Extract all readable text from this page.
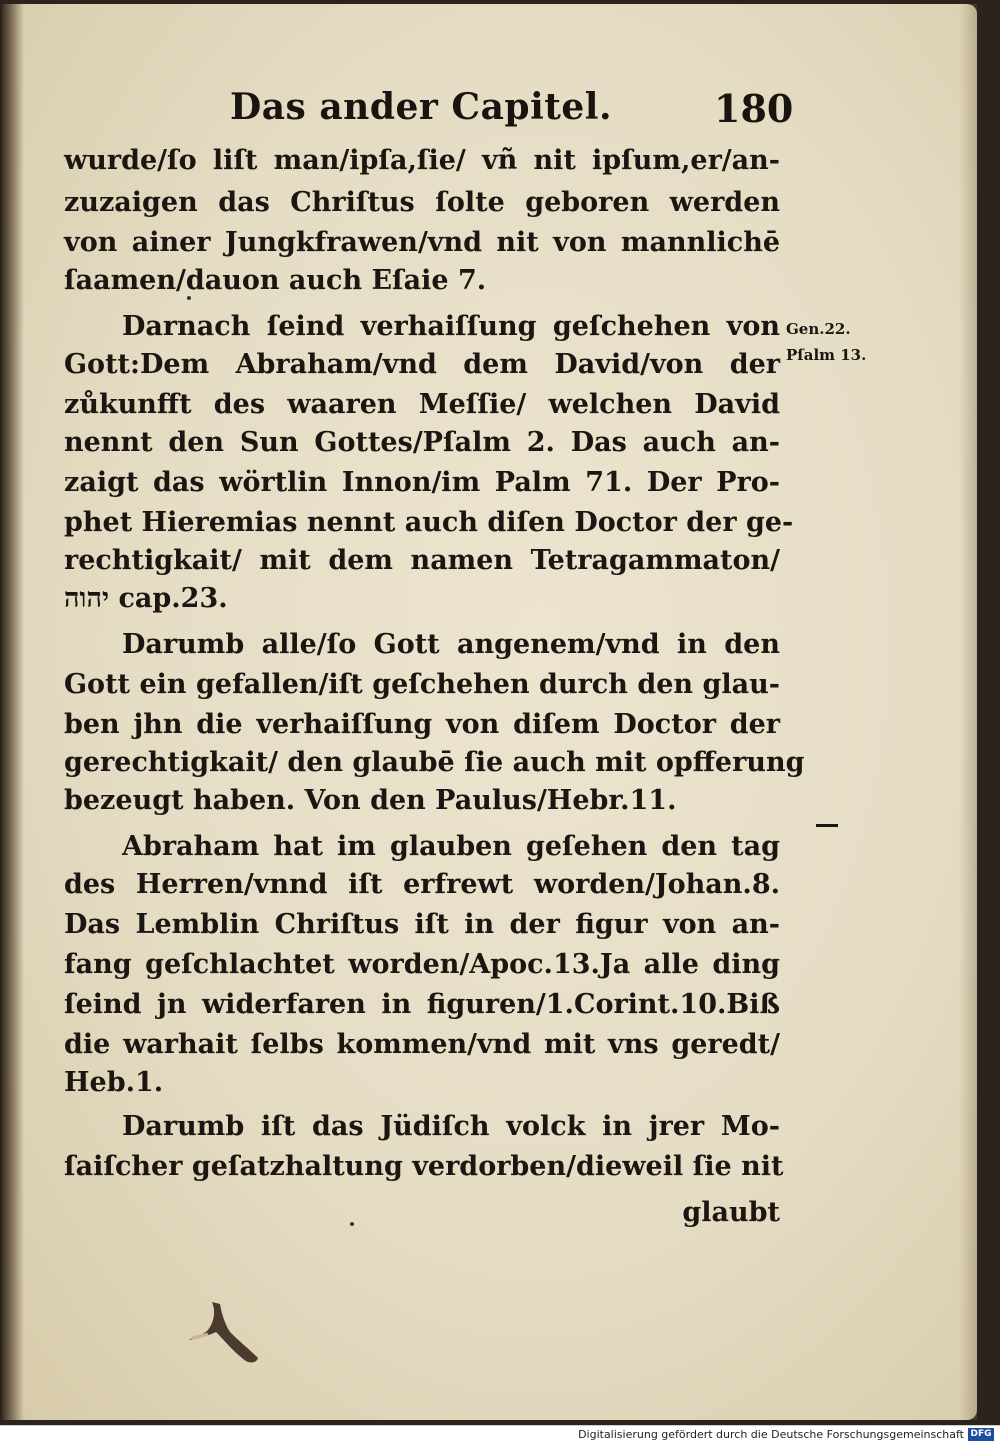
Das ander Capitel.	180
wurde/ſo liſt man/ipſa,ſie/ vñ nit ipſum,er/an‑
zuzaigen das Chriſtus ſolte geboren werden
von ainer Jungkfrawen/vnd nit von mannlichē
ſaamen/dauon auch Eſaie 7.
Darnach ſeind verhaiſſung geſchehen von
Gott:Dem Abraham/vnd dem David/von der
zůkunfft des waaren Meſſie/ welchen David
nennt den Sun Gottes/Pſalm 2. Das auch an‑
zaigt das wörtlin Innon/im Palm 71. Der Pro‑
phet Hieremias nennt auch diſen Doctor der ge‑
rechtigkait/ mit dem namen Tetragammaton/
יהוה cap.23.
Darumb alle/ſo Gott angenem/vnd in den
Gott ein gefallen/iſt geſchehen durch den glau‑
ben jhn die verhaiſſung von diſem Doctor der
gerechtigkait/ den glaubē ſie auch mit opfferung
bezeugt haben. Von den Paulus/Hebr.11.
Abraham hat im glauben geſehen den tag
des Herren/vnnd iſt erfrewt worden/Johan.8.
Das Lemblin Chriſtus iſt in der figur von an‑
fang geſchlachtet worden/Apoc.13.Ja alle ding
ſeind jn widerfaren in figuren/1.Corint.10.Biß
die warhait ſelbs kommen/vnd mit vns geredt/
Heb.1.
Darumb iſt das Jüdiſch volck in jrer Mo‑
ſaiſcher geſatzhaltung verdorben/dieweil ſie nit
glaubt
Gen.22.
Pſalm 13.
Digitalisierung gefördert durch die Deutsche Forschungsgemeinschaft DFG
